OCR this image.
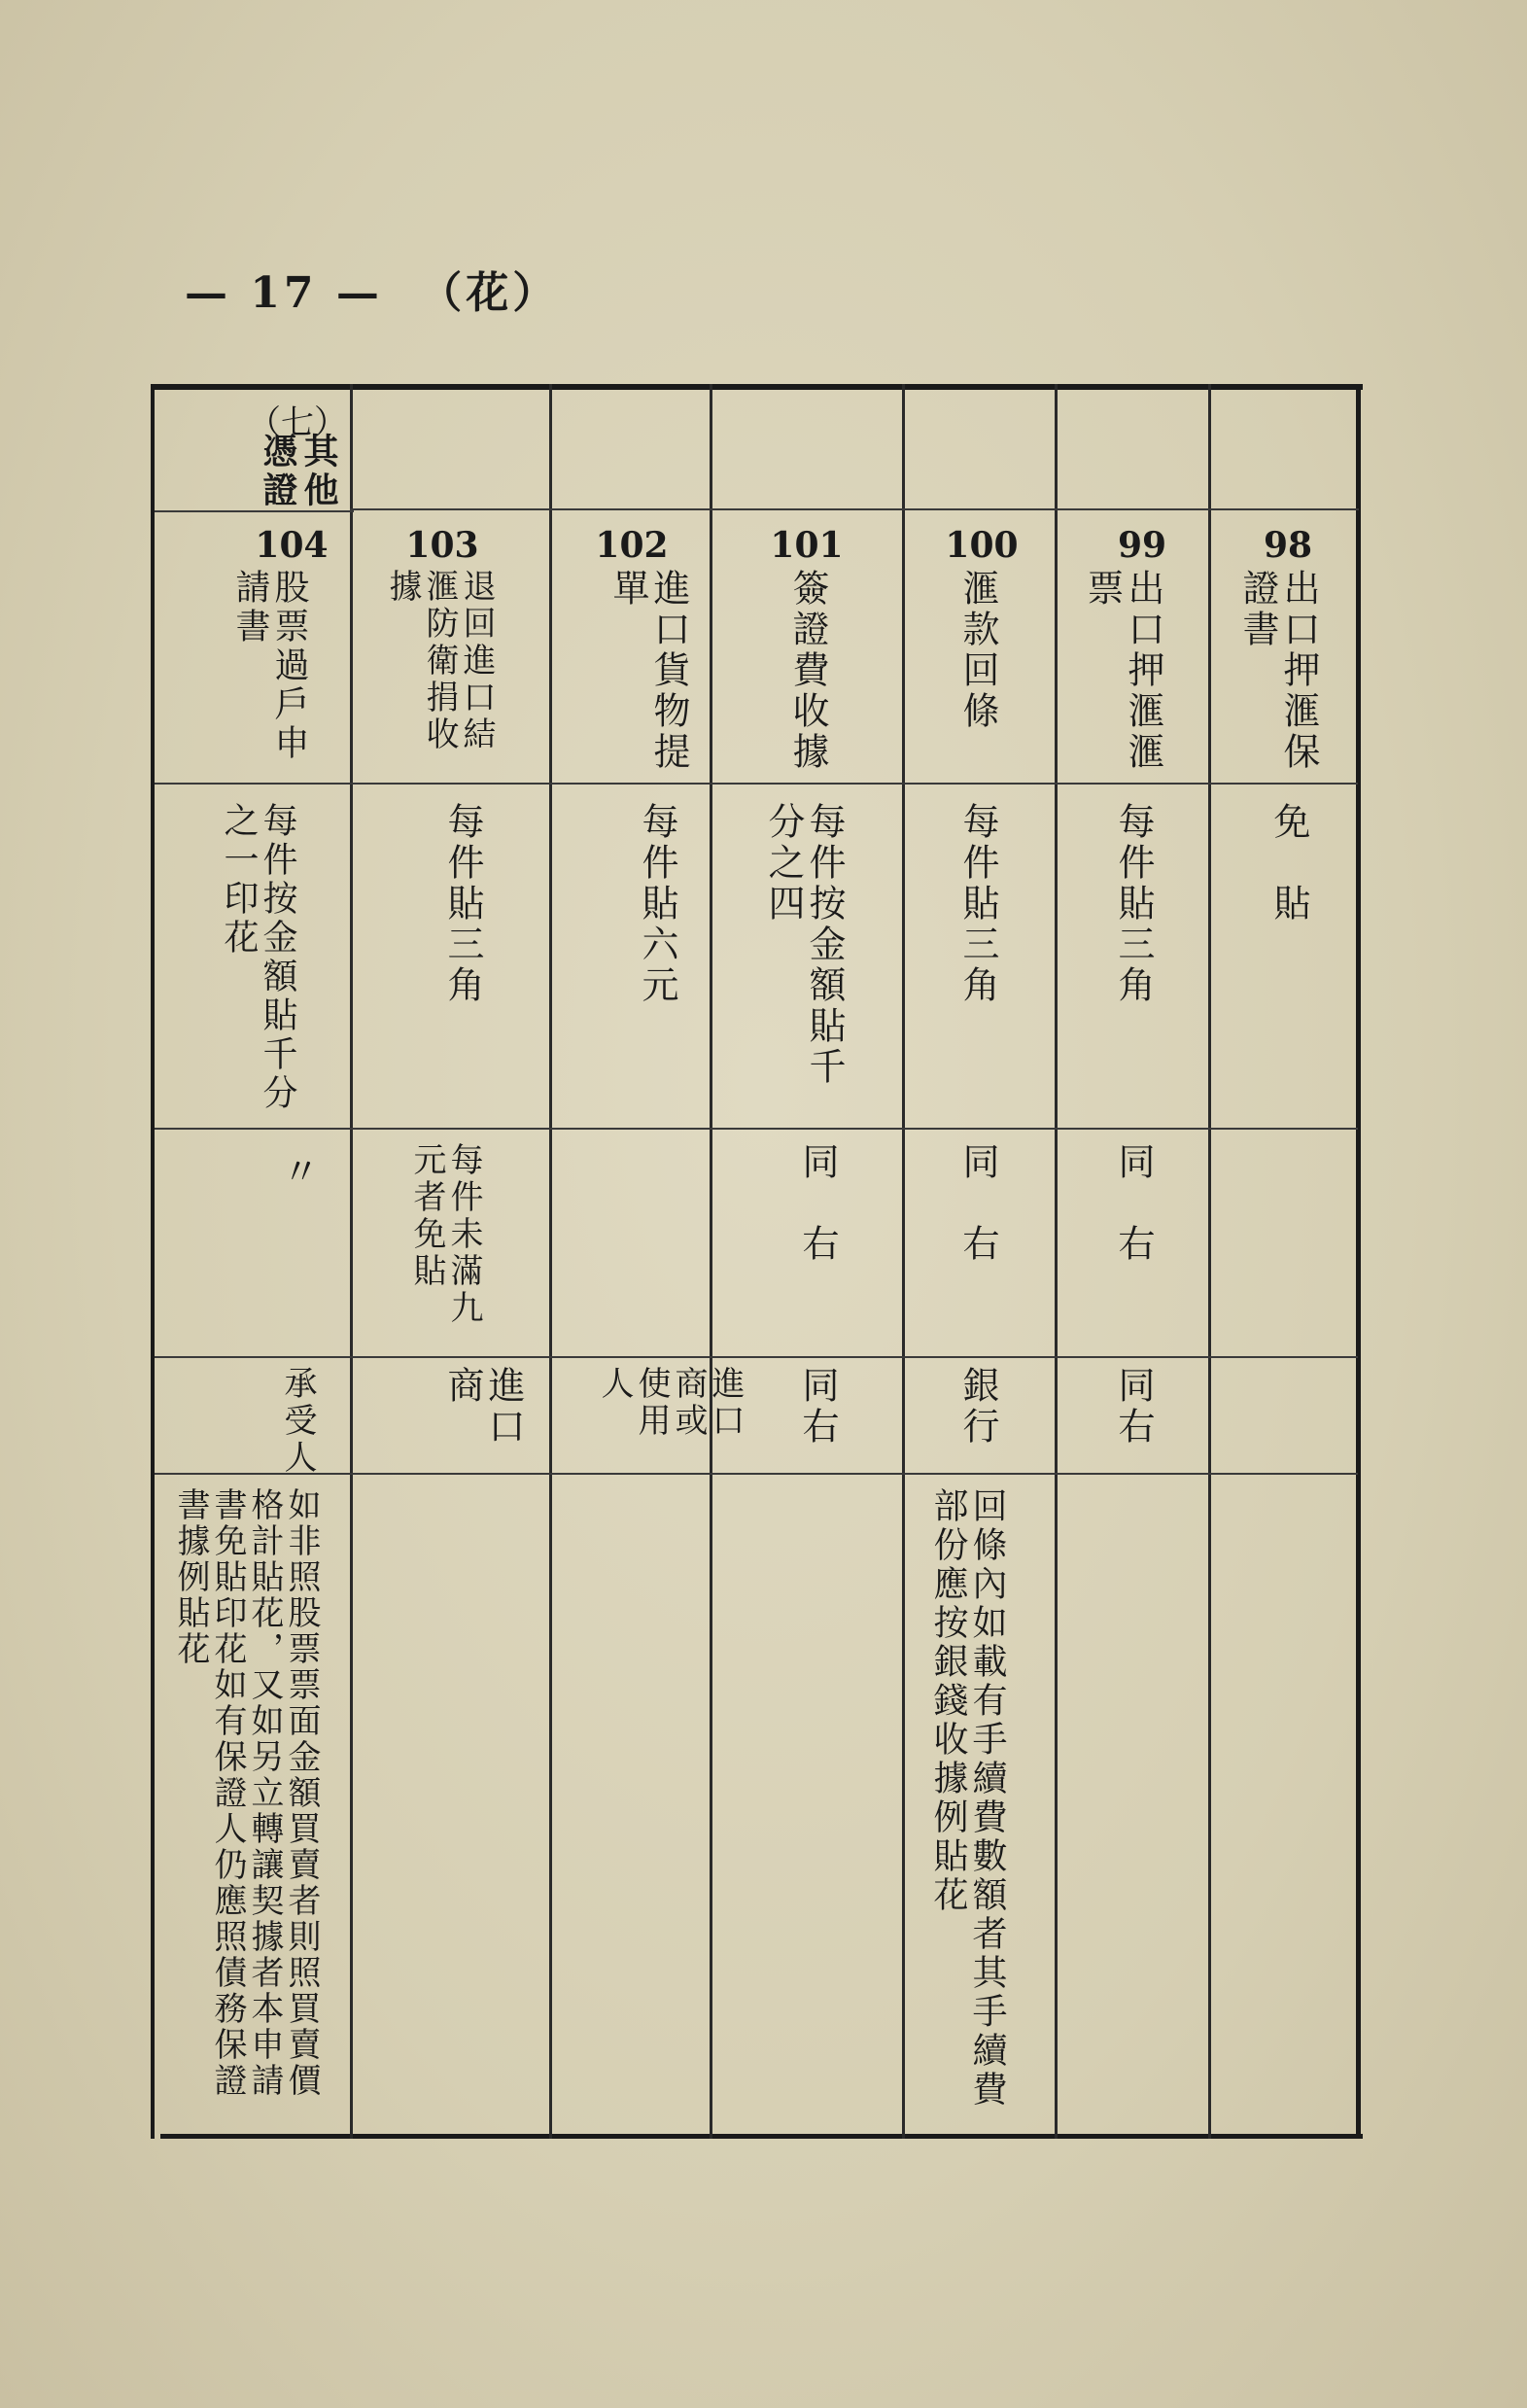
— 17 — （花）
（七）
其他憑證
98
出口押滙保證書
免　貼
99
出口押滙滙票
每件貼三角
同　右
同右
100
滙款回條
每件貼三角
同　右
銀行
回條內如載有手續費數額者其手續費部份應按銀錢收據例貼花
101
簽證費收據
每件按金額貼千分之四
同　右
同右
102
進口貨物提單
每件貼六元
進口商或使用人
103
退回進口結滙防衛捐收據
每件貼三角
每件未滿九元者免貼
進口商
104
股票過戶申請書
每件按金額貼千分之一印花
〃
承受人
如非照股票票面金額買賣者則照買賣價格計貼花，又如另立轉讓契據者本申請書免貼印花如有保證人仍應照債務保證書據例貼花
